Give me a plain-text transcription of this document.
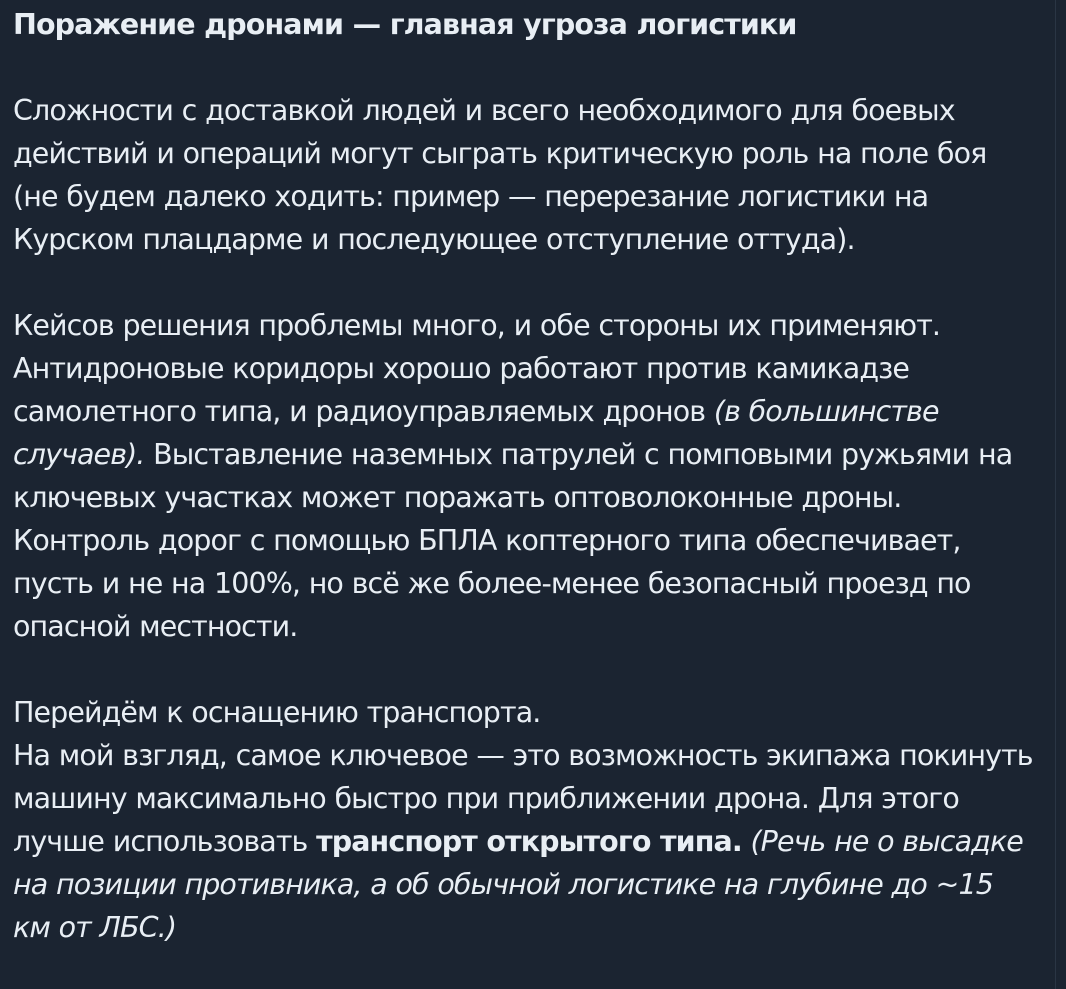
Поражение дронами — главная угроза логистики

Сложности с доставкой людей и всего необходимого для боевых действий и операций могут сыграть критическую роль на поле боя

(не будем далеко ходить: пример — перерезание логистики на Курском плацдарме и последующее отступление оттуда).

Кейсов решения проблемы много, и обе стороны их применяют. Антидроновые коридоры хорошо работают против камикадзе самолетного типа, и радиоуправляемых дронов (в большинстве случаев). Выставление наземных патрулей с помповыми ружьями на ключевых участках может поражать оптоволоконные дроны. Контроль дорог с помощью БПЛА коптерного типа обеспечивает, пусть и не на 100%, но всё же более-менее безопасный проезд по опасной местности.

Перейдём к оснащению транспорта.

На мой взгляд, самое ключевое — это возможность экипажа покинуть машину максимально быстро при приближении дрона. Для этого лучше использовать транспорт открытого типа. (Речь не о высадке на позиции противника, а об обычной логистике на глубине до ~15 км от ЛБС.)
